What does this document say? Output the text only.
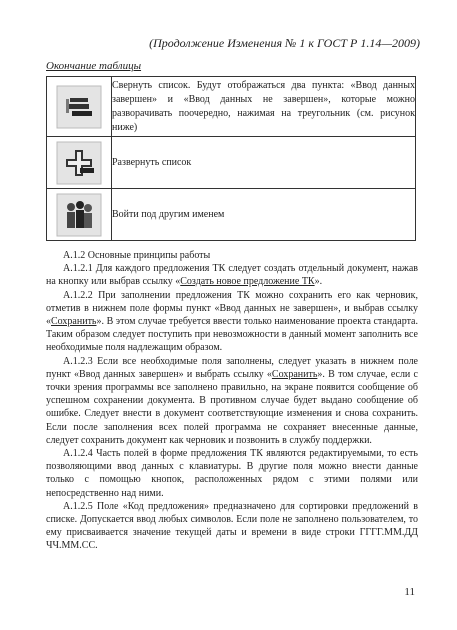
(Продолжение Изменения № 1 к ГОСТ Р 1.14—2009)
Окончание таблицы
	Свернуть список. Будут отображаться два пункта: «Ввод данных завершен» и «Ввод данных не завершен», которые можно разворачивать поочередно, нажимая на треугольник (см. рисунок ниже)

	Развернуть список

	Войти под другим именем

А.1.2 Основные принципы работы

А.1.2.1 Для каждого предложения ТК следует создать отдельный документ, нажав на кнопку или выбрав ссылку «Создать новое предложение ТК».

А.1.2.2 При заполнении предложения ТК можно сохранить его как черновик, отметив в нижнем поле формы пункт «Ввод данных не завершен», и выбрав ссылку «Сохранить». В этом случае требуется ввести только наименование проекта стандарта. Таким образом следует поступить при невозможности в данный момент заполнить все необходимые поля надлежащим образом.

А.1.2.3 Если все необходимые поля заполнены, следует указать в нижнем поле пункт «Ввод данных завершен» и выбрать ссылку «Сохранить». В том случае, если с точки зрения программы все заполнено правильно, на экране появится сообщение об успешном сохранении документа. В противном случае будет выдано сообщение об ошибке. Следует внести в документ соответствующие изменения и снова сохранить. Если после заполнения всех полей программа не сохраняет внесенные данные, следует сохранить документ как черновик и позвонить в службу поддержки.

А.1.2.4 Часть полей в форме предложения ТК являются редактируемыми, то есть позволяющими ввод данных с клавиатуры. В другие поля можно внести данные только с помощью кнопок, расположенных рядом с этими полями или непосредственно над ними.

А.1.2.5 Поле «Код предложения» предназначено для сортировки предложений в списке. Допускается ввод любых символов. Если поле не заполнено пользователем, то ему присваивается значение текущей даты и времени в виде строки ГГГГ.ММ.ДД ЧЧ.ММ.СС.

11
